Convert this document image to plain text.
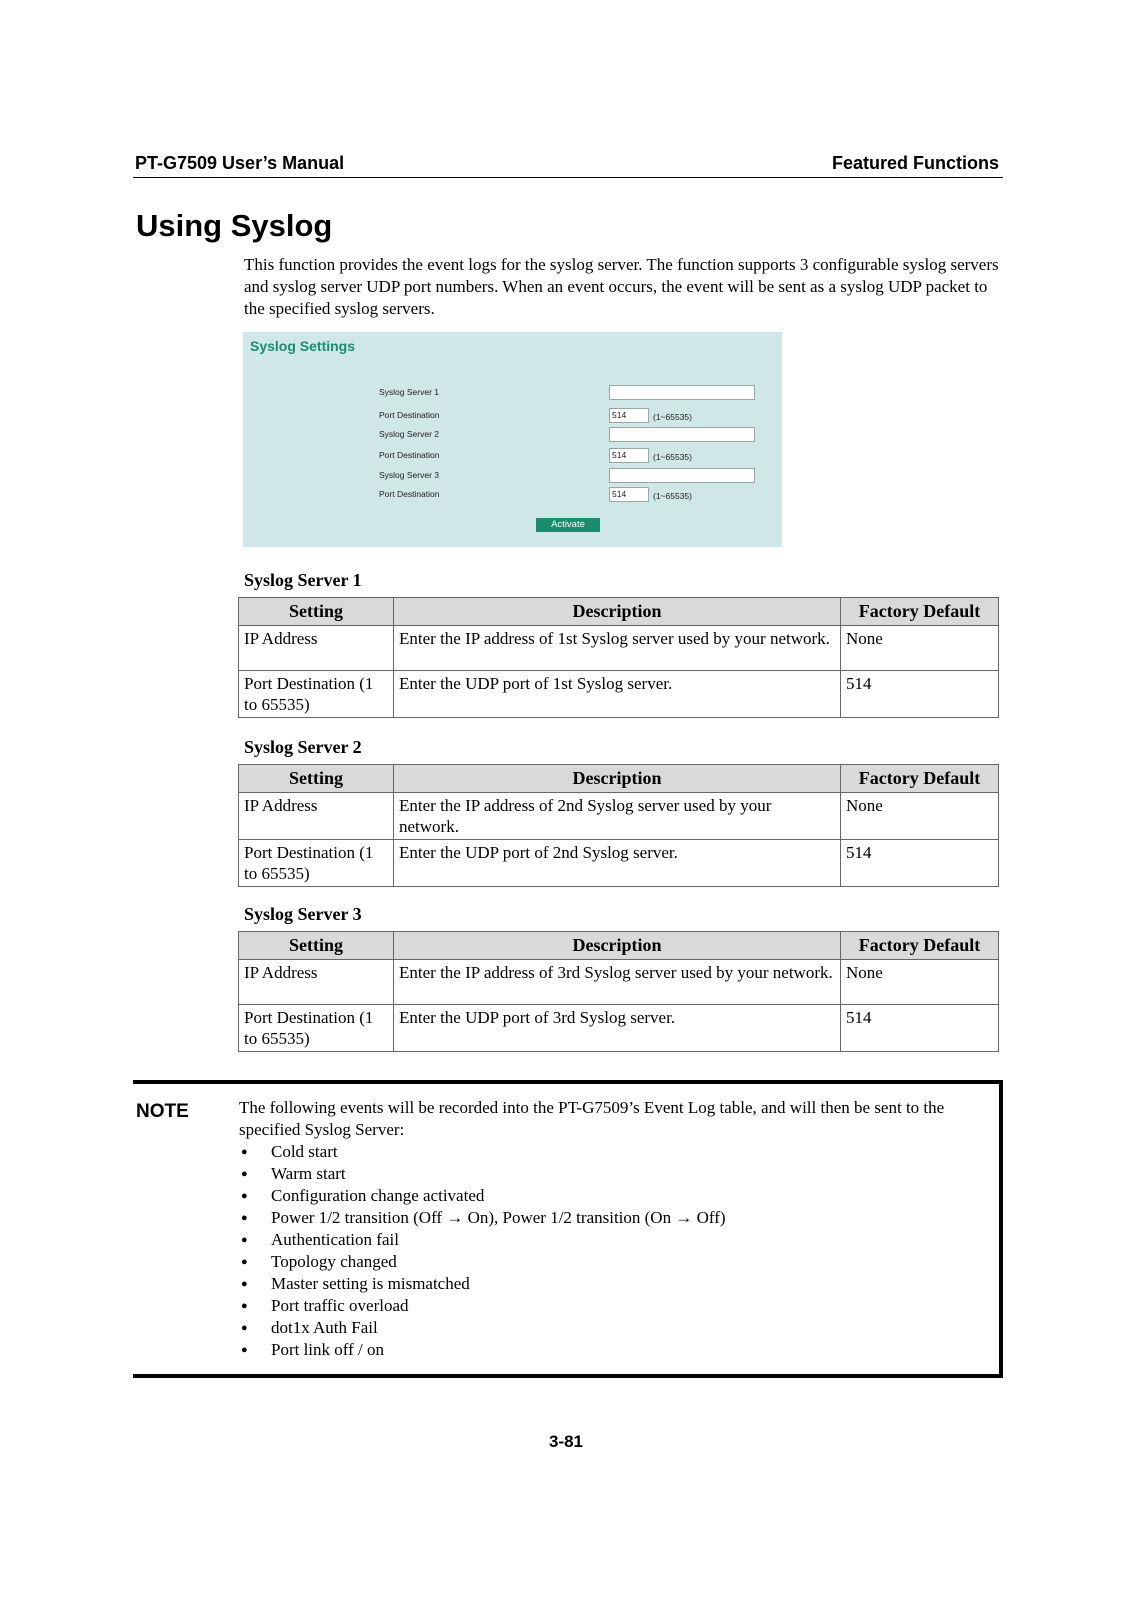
PT-G7509 User’s Manual	Featured Functions
Using Syslog
This function provides the event logs for the syslog server. The function supports 3 configurable syslog servers and syslog server UDP port numbers. When an event occurs, the event will be sent as a syslog UDP packet to the specified syslog servers.
Syslog Settings
Syslog Server 1
Port Destination	514	(1~65535)
Syslog Server 2
Port Destination	514	(1~65535)
Syslog Server 3
Port Destination	514	(1~65535)
Activate
Syslog Server 1
Setting	Description	Factory Default
IP Address	Enter the IP address of 1st Syslog server used by your network.	None
Port Destination (1 to 65535)	Enter the UDP port of 1st Syslog server.	514
Syslog Server 2
Setting	Description	Factory Default
IP Address	Enter the IP address of 2nd Syslog server used by your network.	None
Port Destination (1 to 65535)	Enter the UDP port of 2nd Syslog server.	514
Syslog Server 3
Setting	Description	Factory Default
IP Address	Enter the IP address of 3rd Syslog server used by your network.	None
Port Destination (1 to 65535)	Enter the UDP port of 3rd Syslog server.	514
NOTE	The following events will be recorded into the PT-G7509’s Event Log table, and will then be sent to the specified Syslog Server:
● Cold start
● Warm start
● Configuration change activated
● Power 1/2 transition (Off → On), Power 1/2 transition (On → Off)
● Authentication fail
● Topology changed
● Master setting is mismatched
● Port traffic overload
● dot1x Auth Fail
● Port link off / on
3-81
